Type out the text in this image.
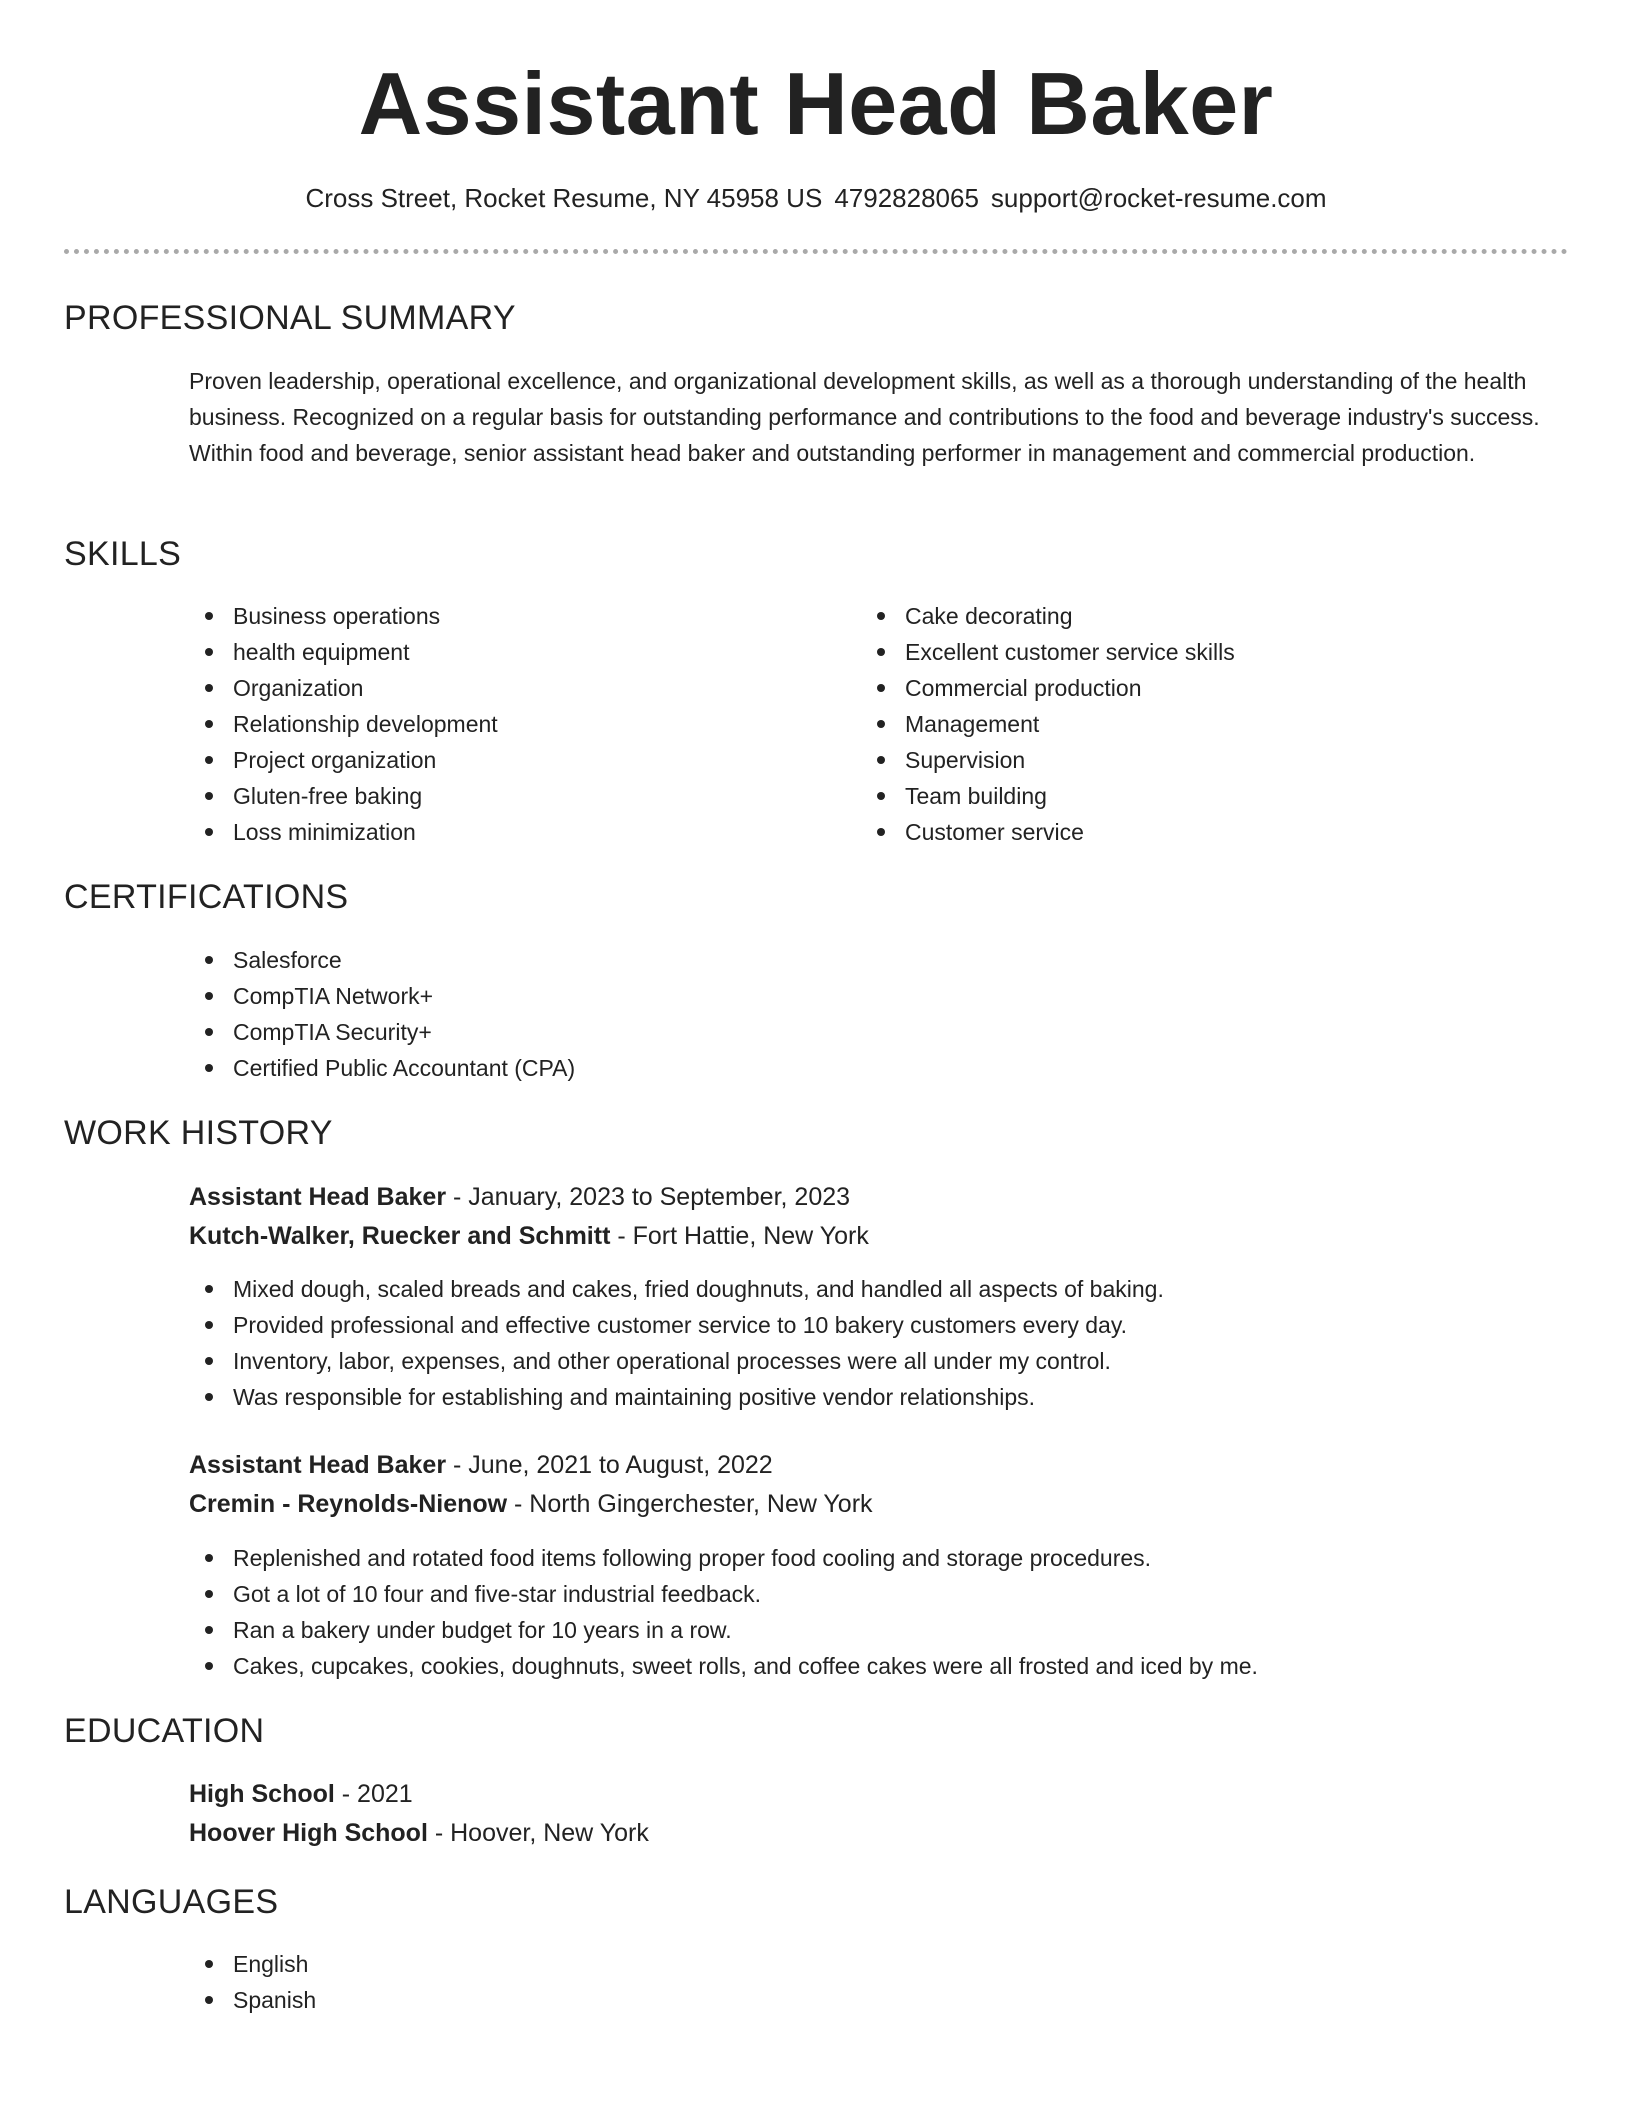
Assistant Head Baker
Cross Street, Rocket Resume, NY 45958 US 4792828065 support@rocket-resume.com
PROFESSIONAL SUMMARY
Proven leadership, operational excellence, and organizational development skills, as well as a thorough understanding of the health business. Recognized on a regular basis for outstanding performance and contributions to the food and beverage industry's success. Within food and beverage, senior assistant head baker and outstanding performer in management and commercial production.
SKILLS
Business operations
health equipment
Organization
Relationship development
Project organization
Gluten-free baking
Loss minimization
Cake decorating
Excellent customer service skills
Commercial production
Management
Supervision
Team building
Customer service
CERTIFICATIONS
Salesforce
CompTIA Network+
CompTIA Security+
Certified Public Accountant (CPA)
WORK HISTORY
Assistant Head Baker - January, 2023 to September, 2023
Kutch-Walker, Ruecker and Schmitt - Fort Hattie, New York
Mixed dough, scaled breads and cakes, fried doughnuts, and handled all aspects of baking.
Provided professional and effective customer service to 10 bakery customers every day.
Inventory, labor, expenses, and other operational processes were all under my control.
Was responsible for establishing and maintaining positive vendor relationships.
Assistant Head Baker - June, 2021 to August, 2022
Cremin - Reynolds-Nienow - North Gingerchester, New York
Replenished and rotated food items following proper food cooling and storage procedures.
Got a lot of 10 four and five-star industrial feedback.
Ran a bakery under budget for 10 years in a row.
Cakes, cupcakes, cookies, doughnuts, sweet rolls, and coffee cakes were all frosted and iced by me.
EDUCATION
High School - 2021
Hoover High School - Hoover, New York
LANGUAGES
English
Spanish
